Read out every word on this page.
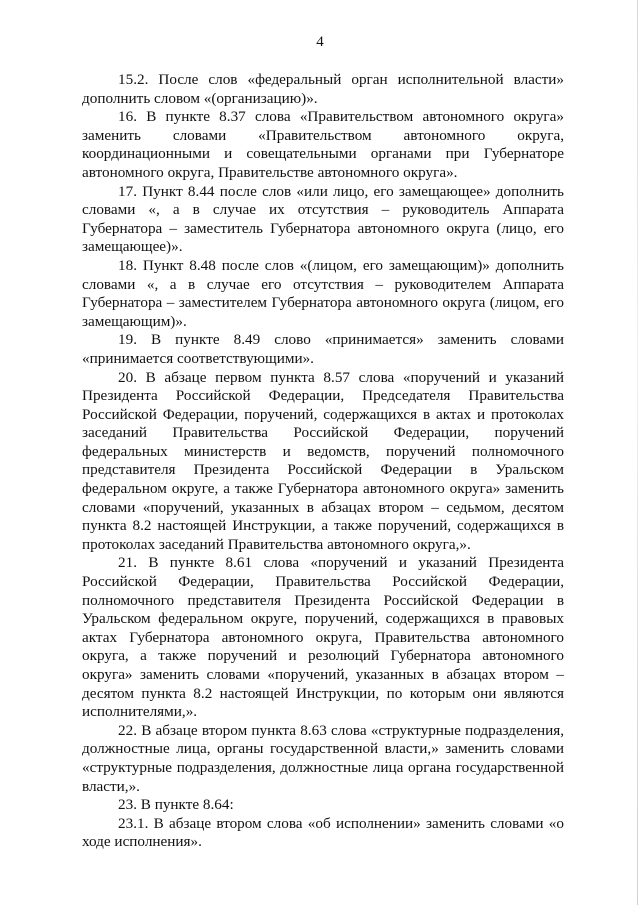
4

15.2. После слов «федеральный орган исполнительной власти» дополнить словом «(организацию)».

16. В пункте 8.37 слова «Правительством автономного округа» заменить словами «Правительством автономного округа, координационными и совещательными органами при Губернаторе автономного округа, Правительстве автономного округа».

17. Пункт 8.44 после слов «или лицо, его замещающее» дополнить словами «, а в случае их отсутствия – руководитель Аппарата Губернатора – заместитель Губернатора автономного округа (лицо, его замещающее)».

18. Пункт 8.48 после слов «(лицом, его замещающим)» дополнить словами «, а в случае его отсутствия – руководителем Аппарата Губернатора – заместителем Губернатора автономного округа (лицом, его замещающим)».

19. В пункте 8.49 слово «принимается» заменить словами «принимается соответствующими».

20. В абзаце первом пункта 8.57 слова «поручений и указаний Президента Российской Федерации, Председателя Правительства Российской Федерации, поручений, содержащихся в актах и протоколах заседаний Правительства Российской Федерации, поручений федеральных министерств и ведомств, поручений полномочного представителя Президента Российской Федерации в Уральском федеральном округе, а также Губернатора автономного округа» заменить словами «поручений, указанных в абзацах втором – седьмом, десятом пункта 8.2 настоящей Инструкции, а также поручений, содержащихся в протоколах заседаний Правительства автономного округа,».

21. В пункте 8.61 слова «поручений и указаний Президента Российской Федерации, Правительства Российской Федерации, полномочного представителя Президента Российской Федерации в Уральском федеральном округе, поручений, содержащихся в правовых актах Губернатора автономного округа, Правительства автономного округа, а также поручений и резолюций Губернатора автономного округа» заменить словами «поручений, указанных в абзацах втором – десятом пункта 8.2 настоящей Инструкции, по которым они являются исполнителями,».

22. В абзаце втором пункта 8.63 слова «структурные подразделения, должностные лица, органы государственной власти,» заменить словами «структурные подразделения, должностные лица органа государственной власти,».

23. В пункте 8.64:

23.1. В абзаце втором слова «об исполнении» заменить словами «о ходе исполнения».
